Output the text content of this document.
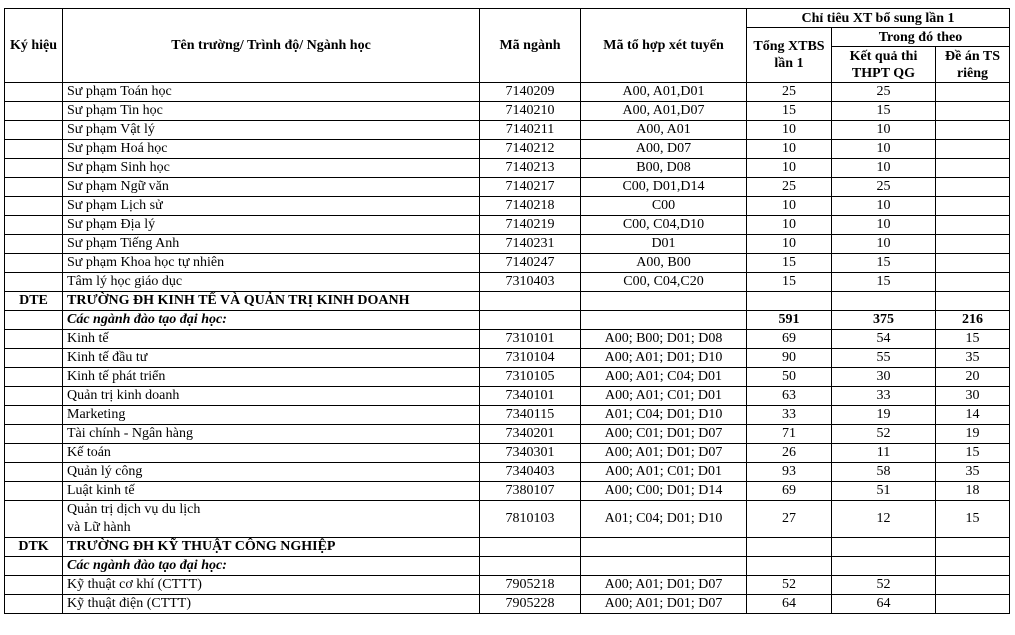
Ký hiệu	Tên trường/ Trình độ/ Ngành học	Mã ngành	Mã tổ hợp xét tuyển	Chỉ tiêu XT bổ sung lần 1		
				Tổng XTBS lần 1	Trong đó theo	
					Kết quả thi THPT QG	Đề án TS riêng
	Sư phạm Toán học	7140209	A00, A01,D01	25	25	
	Sư phạm Tin học	7140210	A00, A01,D07	15	15	
	Sư phạm Vật lý	7140211	A00, A01	10	10	
	Sư phạm Hoá học	7140212	A00, D07	10	10	
	Sư phạm Sinh học	7140213	B00, D08	10	10	
	Sư phạm Ngữ văn	7140217	C00, D01,D14	25	25	
	Sư phạm Lịch sử	7140218	C00	10	10	
	Sư phạm Địa lý	7140219	C00, C04,D10	10	10	
	Sư phạm Tiếng Anh	7140231	D01	10	10	
	Sư phạm Khoa học tự nhiên	7140247	A00, B00	15	15	
	Tâm lý học giáo dục	7310403	C00, C04,C20	15	15	
DTE	TRƯỜNG ĐH KINH TẾ VÀ QUẢN TRỊ KINH DOANH					
	Các ngành đào tạo đại học:			591	375	216
	Kinh tế	7310101	A00; B00; D01; D08	69	54	15
	Kinh tế đầu tư	7310104	A00; A01; D01; D10	90	55	35
	Kinh tế phát triển	7310105	A00; A01; C04; D01	50	30	20
	Quản trị kinh doanh	7340101	A00; A01; C01; D01	63	33	30
	Marketing	7340115	A01; C04; D01; D10	33	19	14
	Tài chính - Ngân hàng	7340201	A00; C01; D01; D07	71	52	19
	Kế toán	7340301	A00; A01; D01; D07	26	11	15
	Quản lý công	7340403	A00; A01; C01; D01	93	58	35
	Luật kinh tế	7380107	A00; C00; D01; D14	69	51	18
	Quản trị dịch vụ du lịch
và Lữ hành	7810103	A01; C04; D01; D10	27	12	15
DTK	TRƯỜNG ĐH KỸ THUẬT CÔNG NGHIỆP					
	Các ngành đào tạo đại học:					
	Kỹ thuật cơ khí (CTTT)	7905218	A00; A01; D01; D07	52	52	
	Kỹ thuật điện (CTTT)	7905228	A00; A01; D01; D07	64	64	
